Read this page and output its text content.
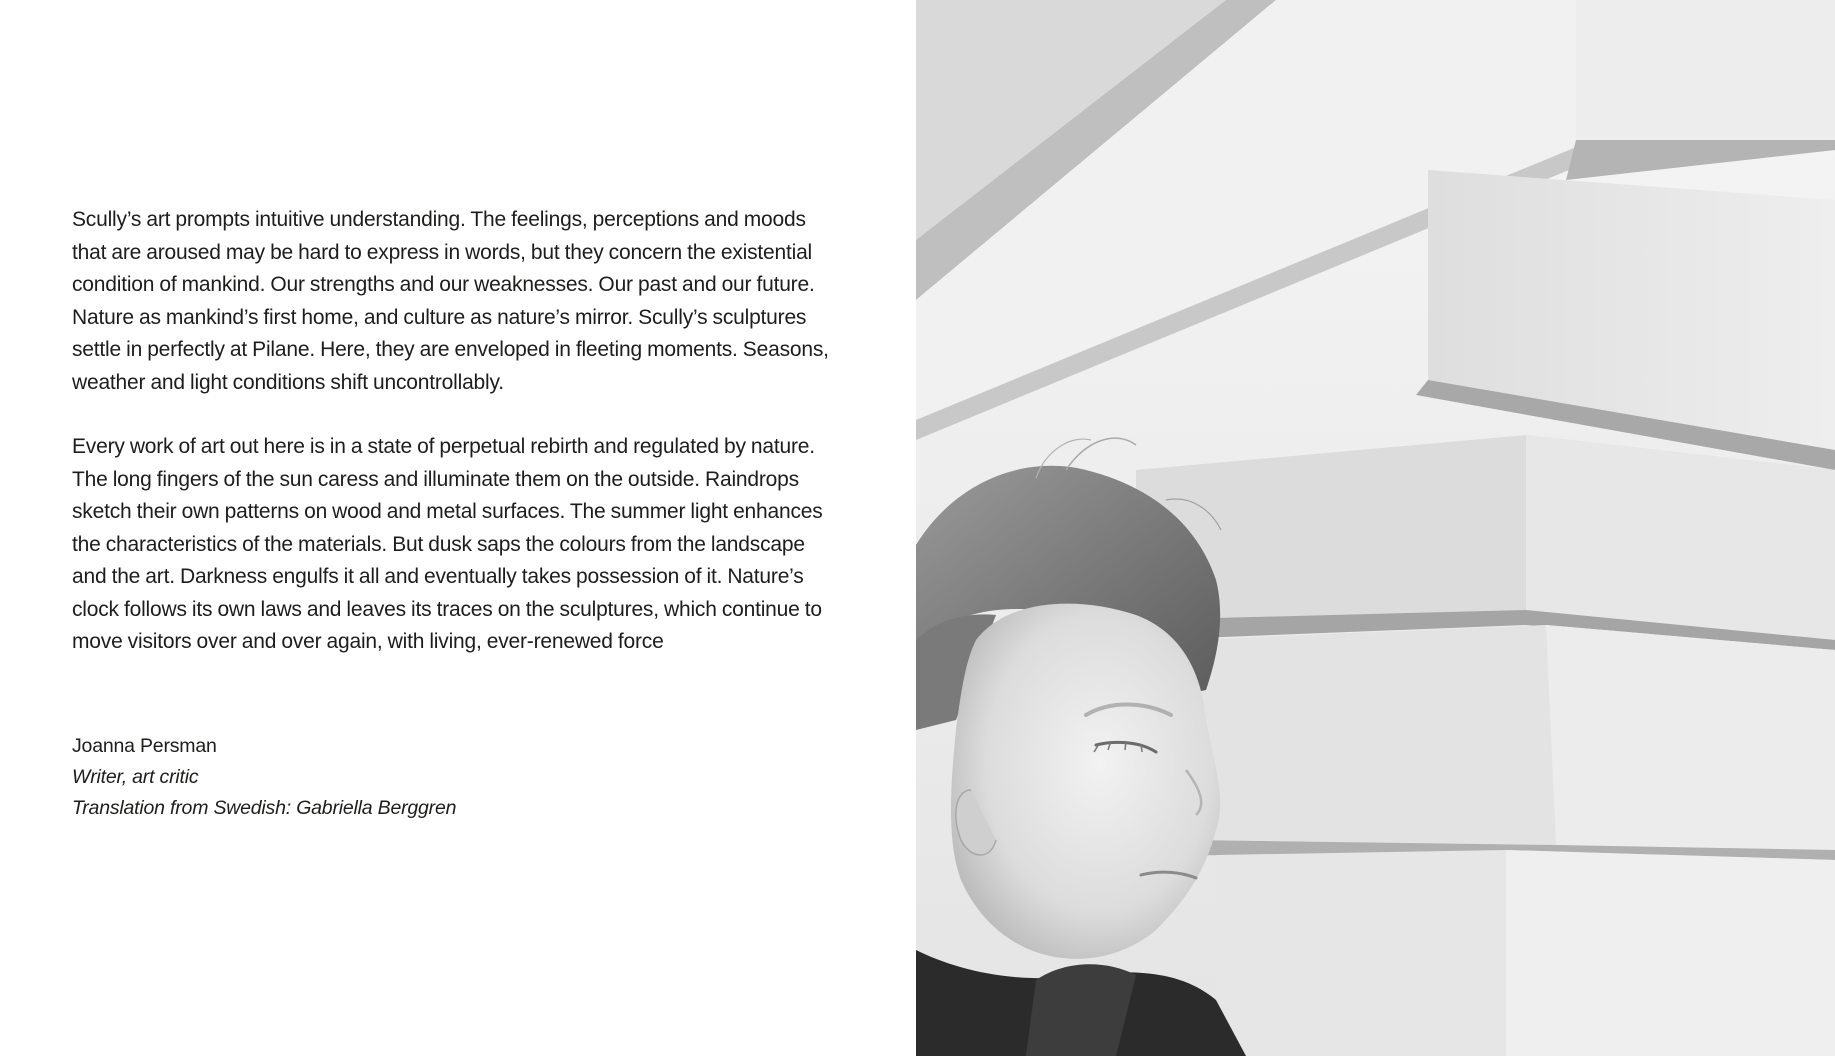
Scully’s art prompts intuitive understanding. The feelings, perceptions and moods that are aroused may be hard to express in words, but they concern the existential condition of mankind. Our strengths and our weaknesses. Our past and our future. Nature as mankind’s first home, and culture as nature’s mirror. Scully’s sculptures settle in perfectly at Pilane. Here, they are enveloped in fleeting moments. Seasons, weather and light conditions shift uncontrollably.

Every work of art out here is in a state of perpetual rebirth and regulated by nature. The long fingers of the sun caress and illuminate them on the outside. Raindrops sketch their own patterns on wood and metal surfaces. The summer light enhances the characteristics of the materials. But dusk saps the colours from the landscape and the art. Darkness engulfs it all and eventually takes possession of it. Nature’s clock follows its own laws and leaves its traces on the sculptures, which continue to move visitors over and over again, with living, ever-renewed force

Joanna Persman
Writer, art critic
Translation from Swedish: Gabriella Berggren
